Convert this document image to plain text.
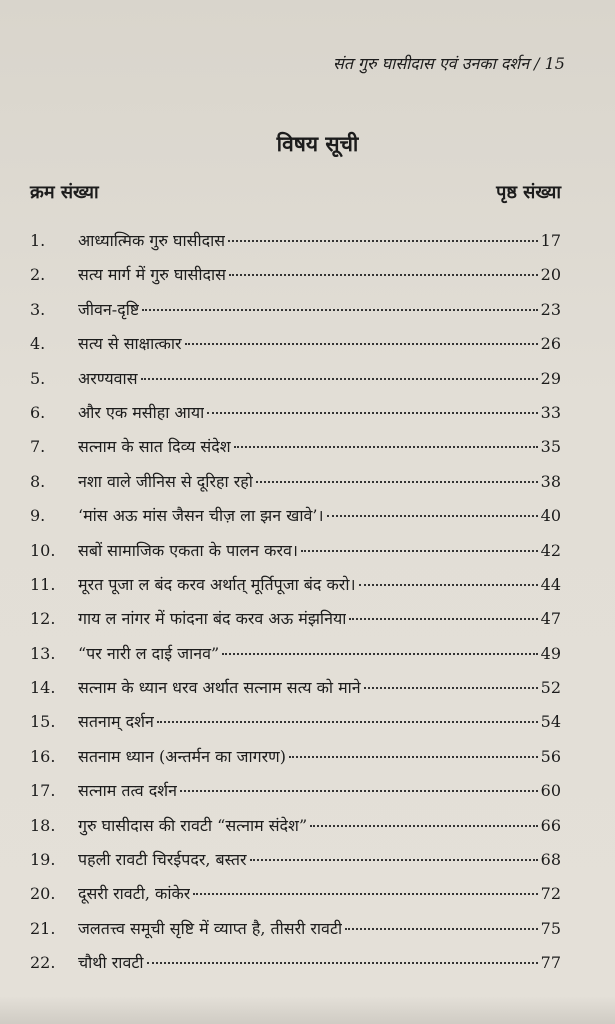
संत गुरु घासीदास एवं उनका दर्शन / 15
विषय सूची
क्रम संख्या	पृष्ठ संख्या
1.	आध्यात्मिक गुरु घासीदास	17
2.	सत्य मार्ग में गुरु घासीदास	20
3.	जीवन-दृष्टि	23
4.	सत्य से साक्षात्कार	26
5.	अरण्यवास	29
6.	और एक मसीहा आया	33
7.	सत्नाम के सात दिव्य संदेश	35
8.	नशा वाले जीनिस से दूरिहा रहो	38
9.	‘मांस अऊ मांस जैसन चीज़ ला झन खावे’।	40
10.	सबों सामाजिक एकता के पालन करव।	42
11.	मूरत पूजा ल बंद करव अर्थात् मूर्तिपूजा बंद करो।	44
12.	गाय ल नांगर में फांदना बंद करव अऊ मंझनिया	47
13.	“पर नारी ल दाई जानव”	49
14.	सत्नाम के ध्यान धरव अर्थात सत्नाम सत्य को माने	52
15.	सतनाम् दर्शन	54
16.	सतनाम ध्यान (अन्तर्मन का जागरण)	56
17.	सत्नाम तत्व दर्शन	60
18.	गुरु घासीदास की रावटी “सत्नाम संदेश”	66
19.	पहली रावटी चिरईपदर, बस्तर	68
20.	दूसरी रावटी, कांकेर	72
21.	जलतत्त्व समूची सृष्टि में व्याप्त है, तीसरी रावटी	75
22.	चौथी रावटी	77
